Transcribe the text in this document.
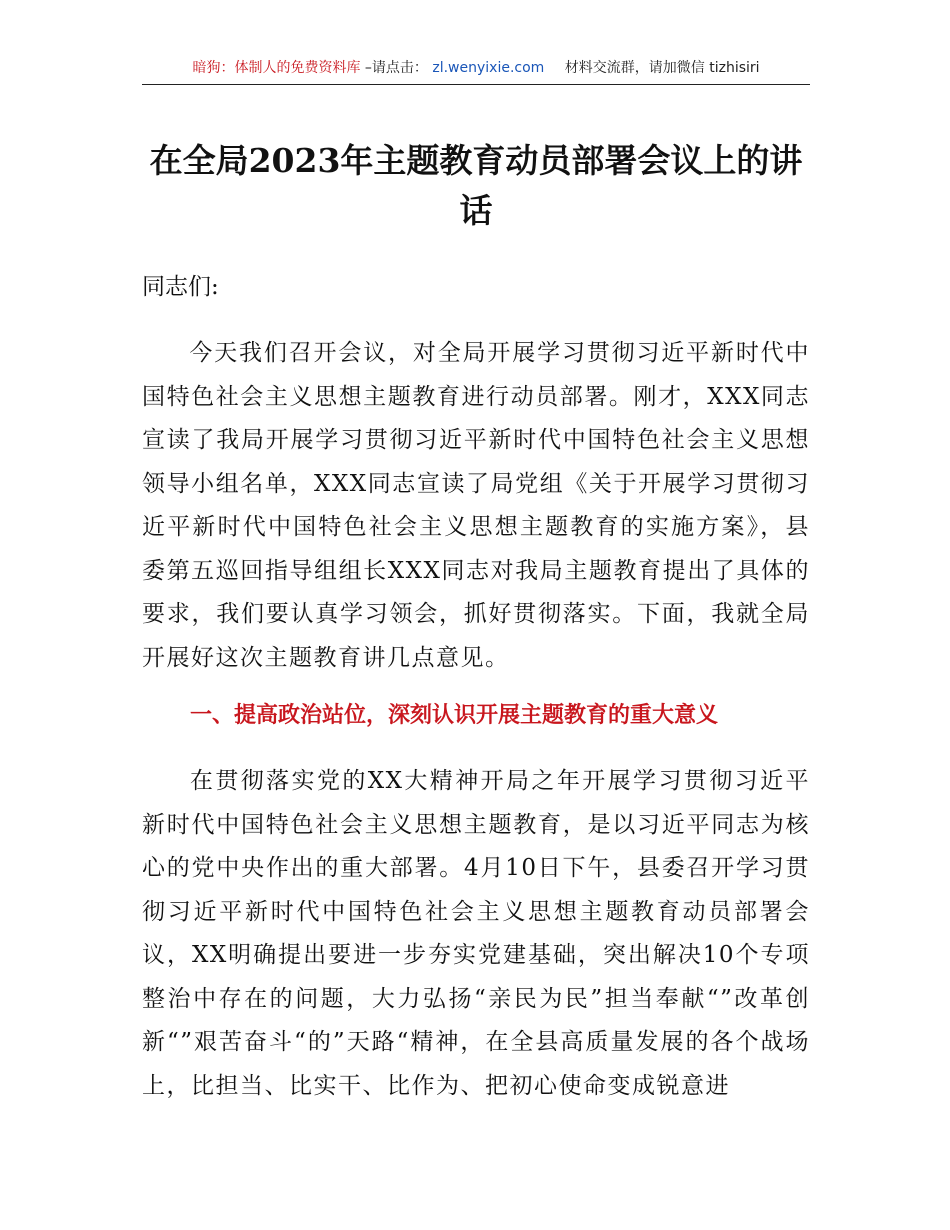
暗狗：体制人的免费资料库 –请点击： zl.wenyixie.com 材料交流群，请加微信 tizhisiri
在全局2023年主题教育动员部署会议上的讲话
同志们:
今天我们召开会议，对全局开展学习贯彻习近平新时代中国特色社会主义思想主题教育进行动员部署。刚才，XXX同志宣读了我局开展学习贯彻习近平新时代中国特色社会主义思想领导小组名单，XXX同志宣读了局党组《关于开展学习贯彻习近平新时代中国特色社会主义思想主题教育的实施方案》，县委第五巡回指导组组长XXX同志对我局主题教育提出了具体的要求，我们要认真学习领会，抓好贯彻落实。下面，我就全局开展好这次主题教育讲几点意见。
一、提高政治站位，深刻认识开展主题教育的重大意义
在贯彻落实党的XX大精神开局之年开展学习贯彻习近平新时代中国特色社会主义思想主题教育，是以习近平同志为核心的党中央作出的重大部署。4月10日下午，县委召开学习贯彻习近平新时代中国特色社会主义思想主题教育动员部署会议，XX明确提出要进一步夯实党建基础，突出解决10个专项整治中存在的问题，大力弘扬“亲民为民”担当奉献“”改革创新“”艰苦奋斗“的”天路“精神，在全县高质量发展的各个战场上，比担当、比实干、比作为、把初心使命变成锐意进
